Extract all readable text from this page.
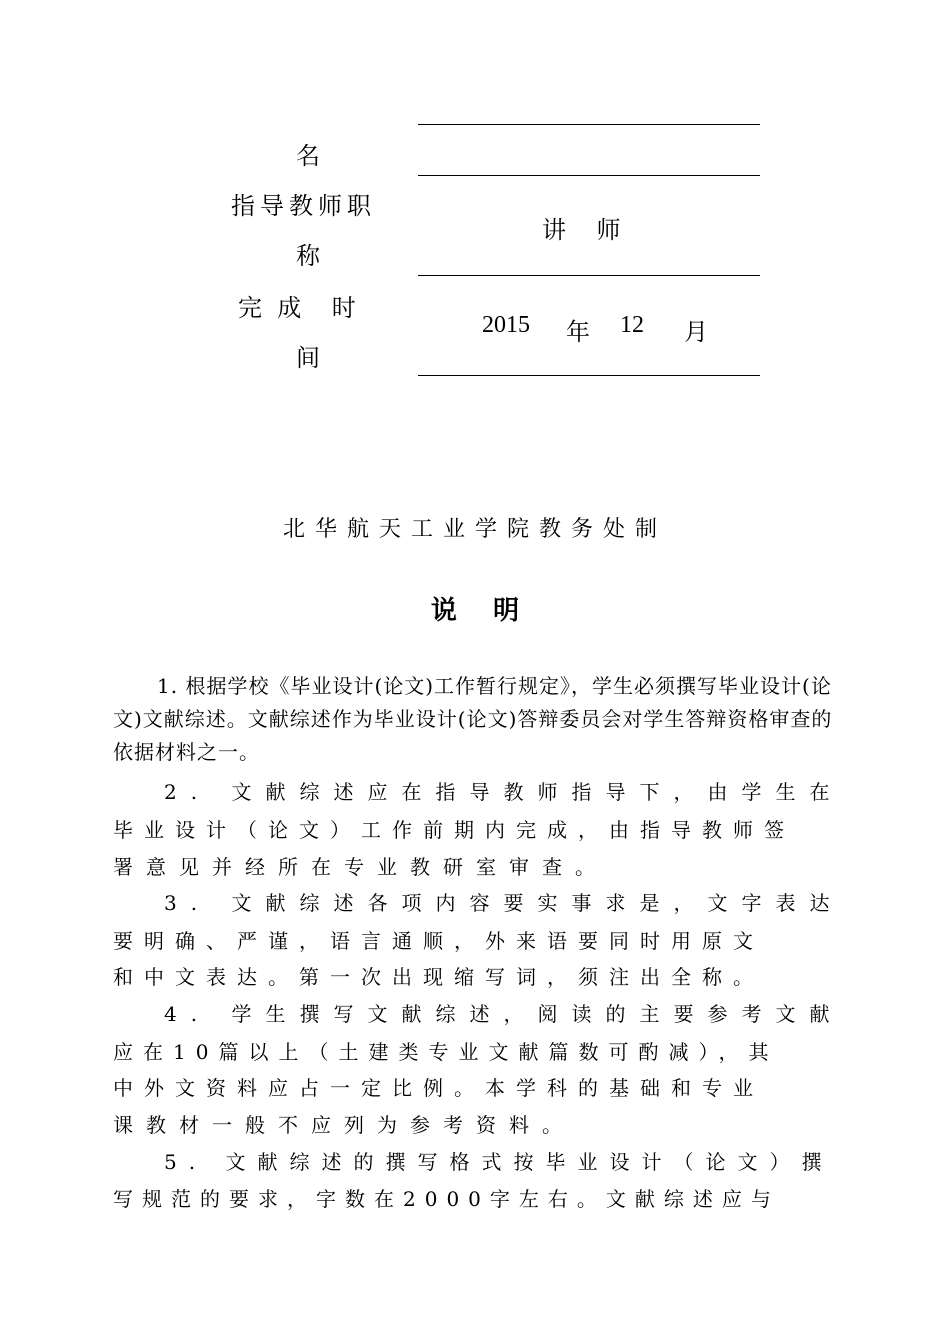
名
指导教师职
称
讲    师
完  成    时
间
2015 年 12 月
北华航天工业学院教务处制
说    明
1. 根据学校《毕业设计(论文)工作暂行规定》，学生必须撰写毕业设计(论文)文献综述。文献综述作为毕业设计(论文)答辩委员会对学生答辩资格审查的依据材料之一。
2. 文献综述应在指导教师指导下，由学生在
毕业设计（论文）工作前期内完成，由指导教师签
署意见并经所在专业教研室审查。
3. 文献综述各项内容要实事求是，文字表达
要明确、严谨，语言通顺，外来语要同时用原文
和中文表达。第一次出现缩写词，须注出全称。
4. 学生撰写文献综述，阅读的主要参考文献
应在10篇以上（土建类专业文献篇数可酌减），其
中外文资料应占一定比例。本学科的基础和专业
课教材一般不应列为参考资料。
5. 文献综述的撰写格式按毕业设计（论文）撰
写规范的要求，字数在2000字左右。文献综述应与
